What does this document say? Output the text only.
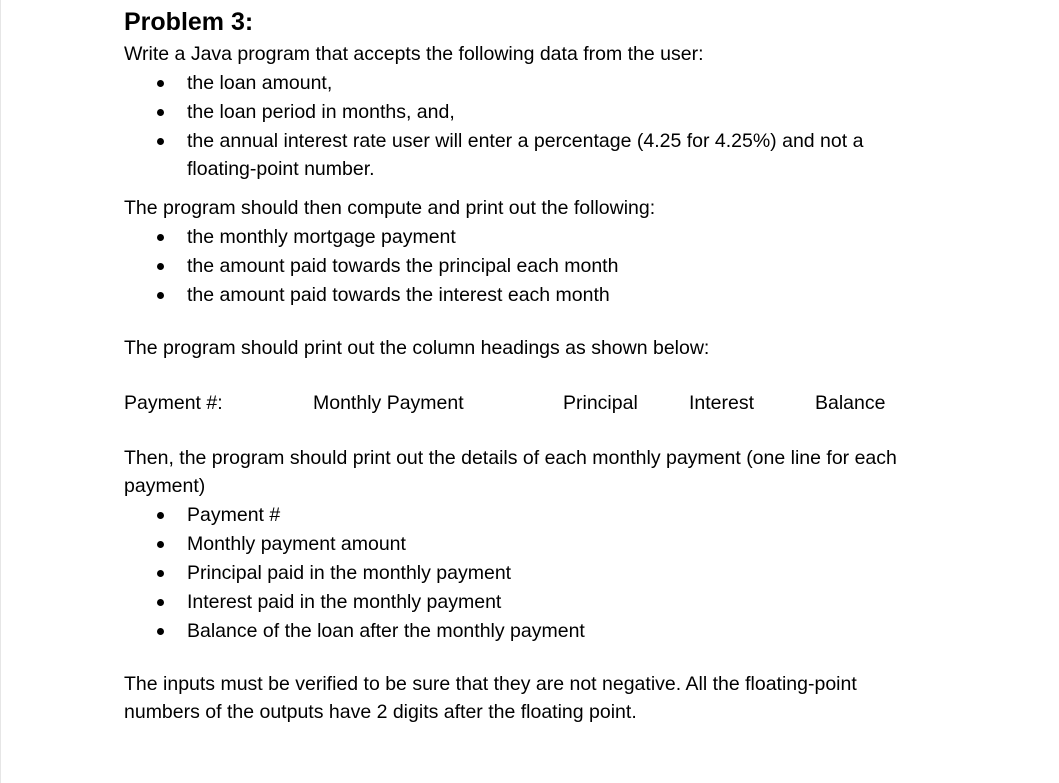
Problem 3:

Write a Java program that accepts the following data from the user:

the loan amount,
the loan period in months, and,
the annual interest rate user will enter a percentage (4.25 for 4.25%) and not a floating-point number.

The program should then compute and print out the following:

the monthly mortgage payment
the amount paid towards the principal each month
the amount paid towards the interest each month

The program should print out the column headings as shown below:

Payment #:	Monthly Payment	Principal	Interest	Balance

Then, the program should print out the details of each monthly payment (one line for each payment)

Payment #
Monthly payment amount
Principal paid in the monthly payment
Interest paid in the monthly payment
Balance of the loan after the monthly payment

The inputs must be verified to be sure that they are not negative. All the floating-point numbers of the outputs have 2 digits after the floating point.
